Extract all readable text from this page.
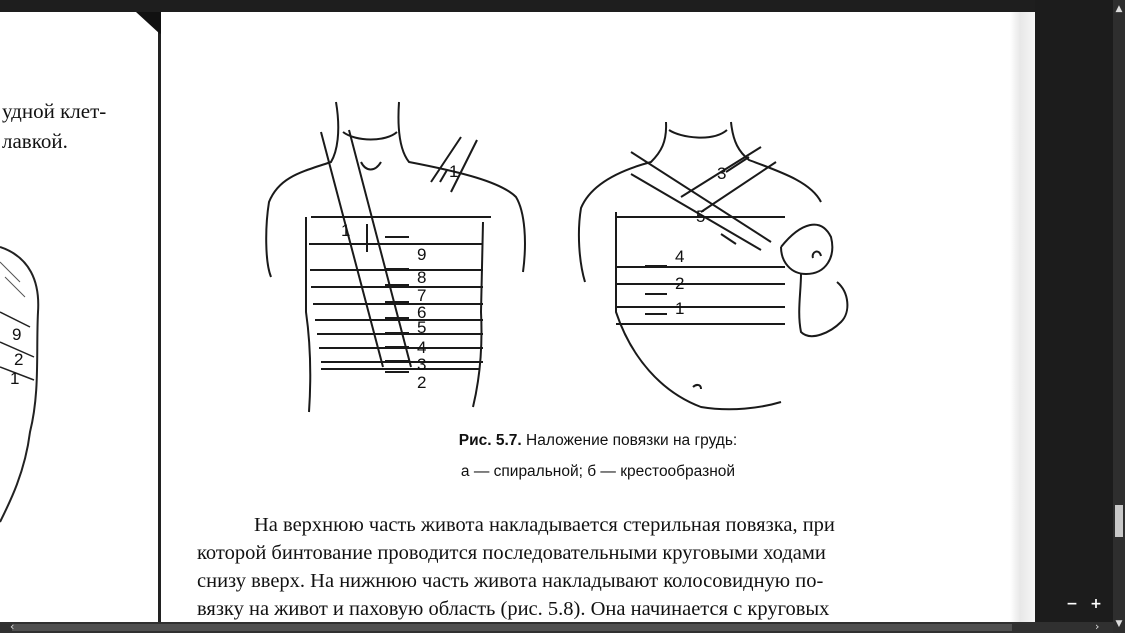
удной клет-
лавкой.
9
2
1
1
1
9
8
7
6
5
4
3
2
4
2
1
3
5
Рис. 5.7. Наложение повязки на грудь:
а — спиральной; б — крестообразной
На верхнюю часть живота накладывается стерильная повязка, при
которой бинтование проводится последовательными круговыми ходами
снизу вверх. На нижнюю часть живота накладывают колосовидную по-
вязку на живот и паховую область (рис. 5.8). Она начинается с круговых	− +
▲
▼
‹	›
